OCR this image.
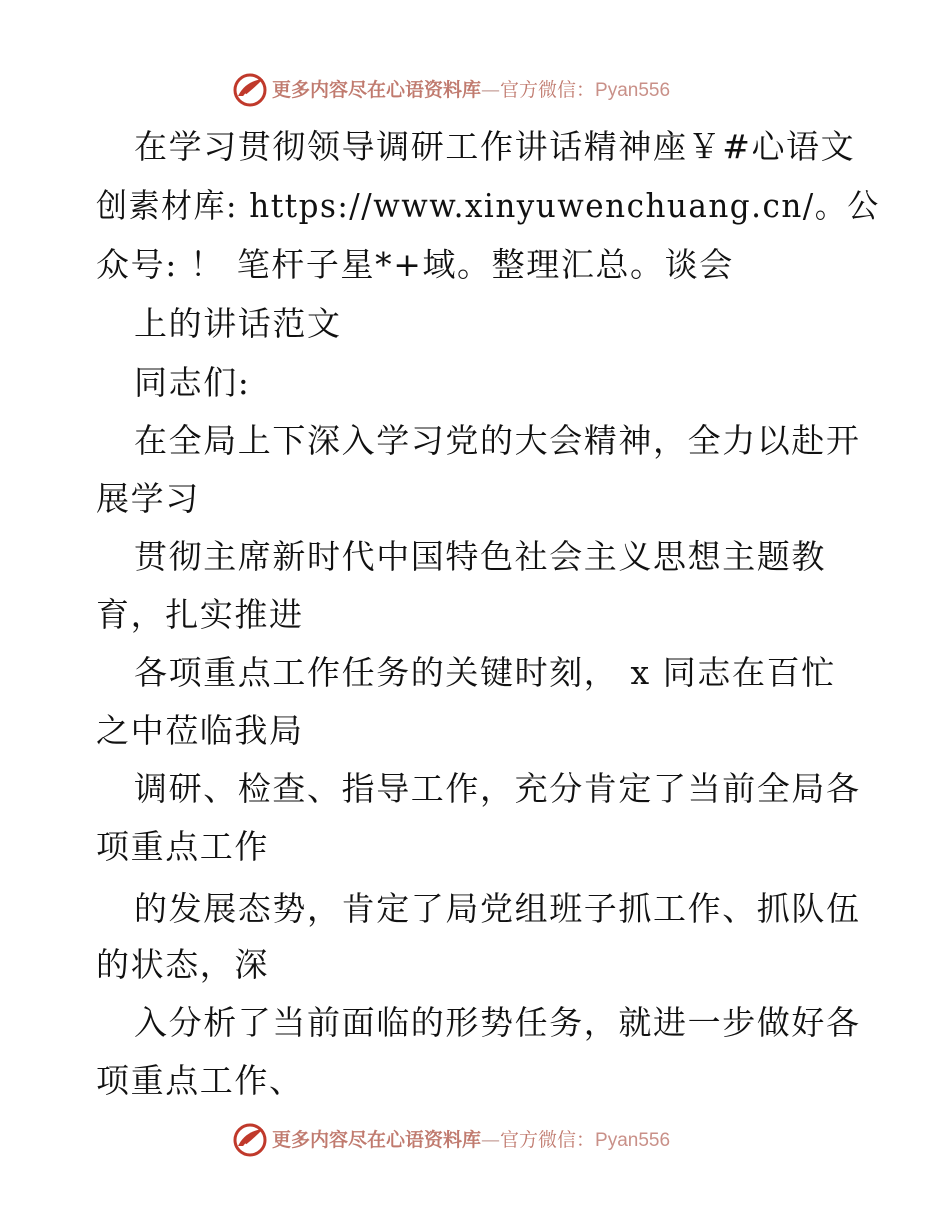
更多内容尽在心语资料库—官方微信：Pyan556
在学习贯彻领导调研工作讲话精神座￥#心语文
创素材库: https://www.xinyuwenchuang.cn/。公
众号: ！ 笔杆子星*+域。整理汇总。谈会
上的讲话范文
同志们:
在全局上下深入学习党的大会精神，全力以赴开
展学习
贯彻主席新时代中国特色社会主义思想主题教
育，扎实推进
各项重点工作任务的关键时刻， x 同志在百忙
之中莅临我局
调研、检查、指导工作，充分肯定了当前全局各
项重点工作
的发展态势，肯定了局党组班子抓工作、抓队伍
的状态，深
入分析了当前面临的形势任务，就进一步做好各
项重点工作、
更多内容尽在心语资料库—官方微信：Pyan556
